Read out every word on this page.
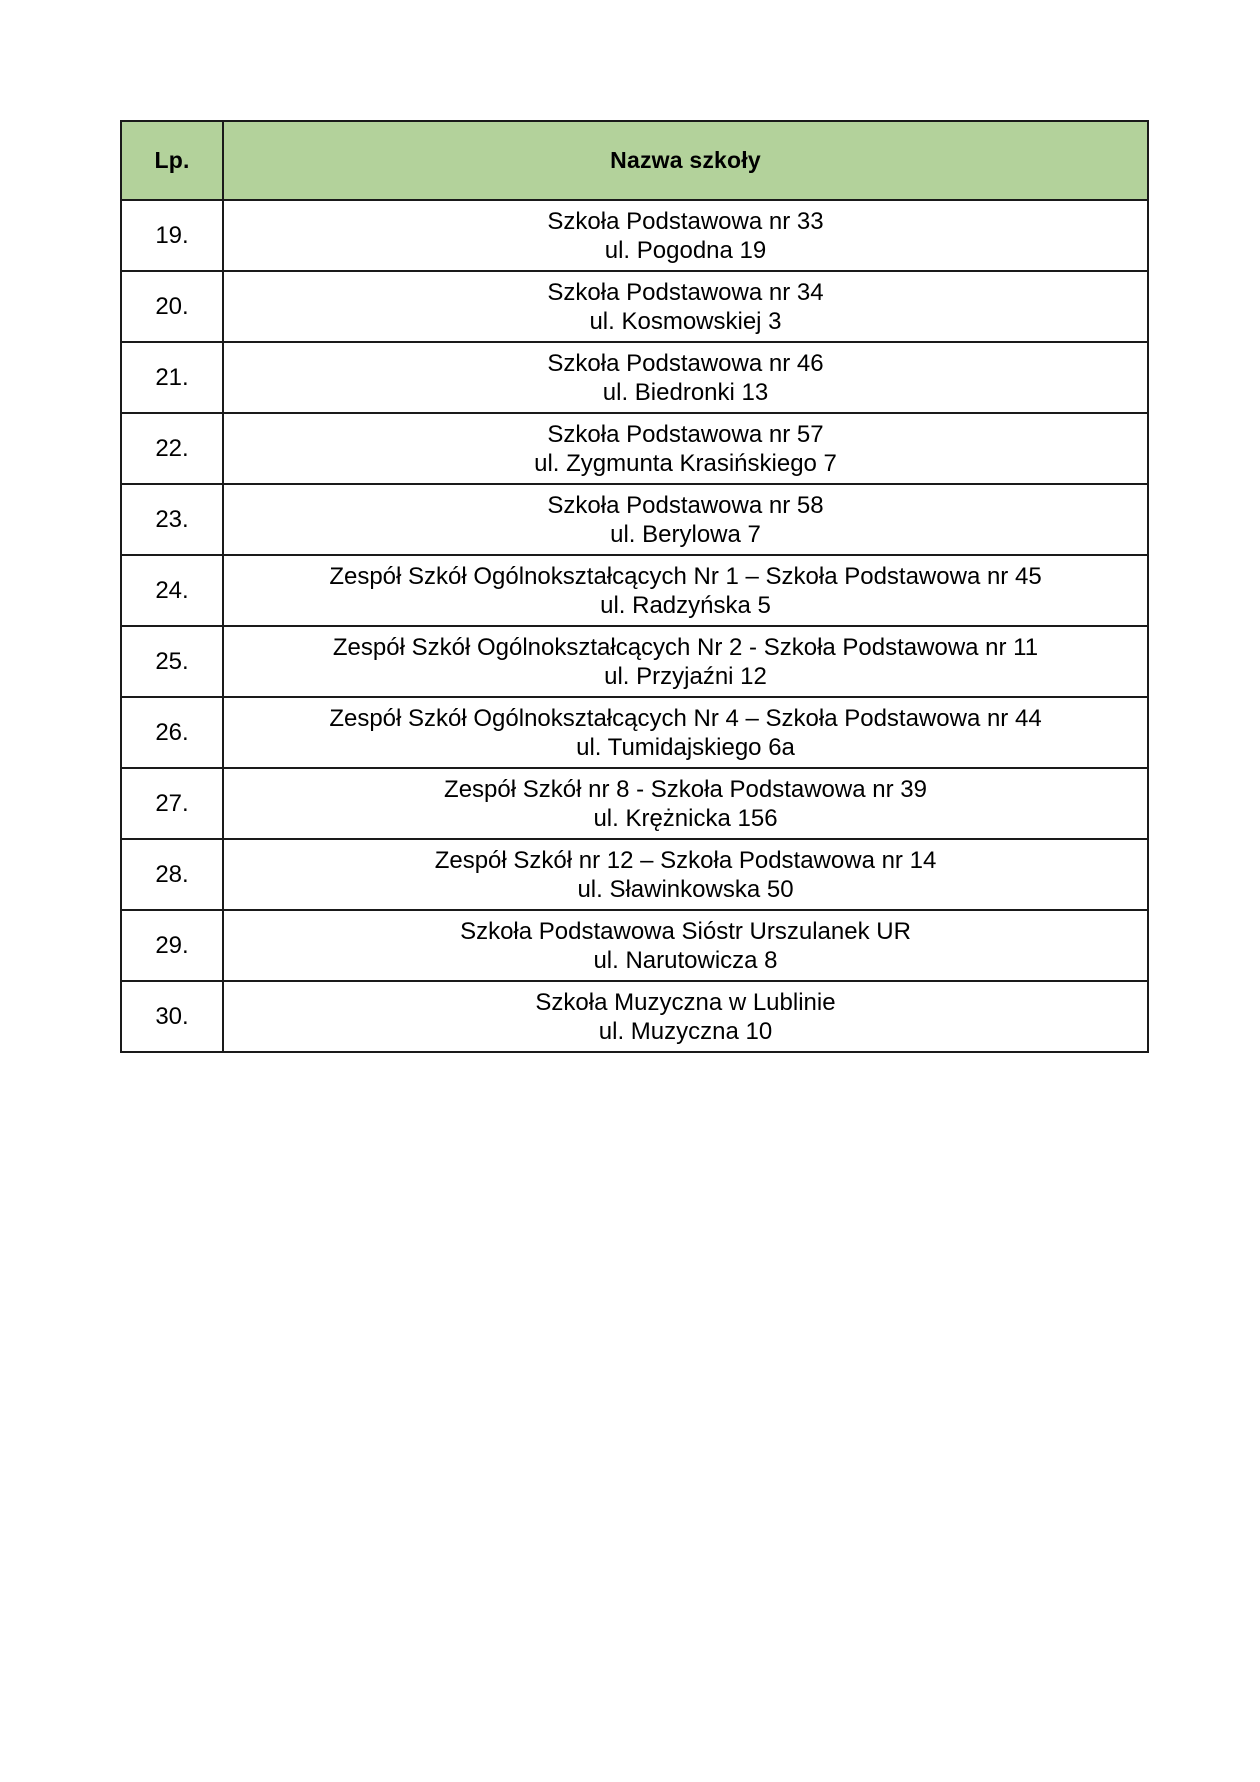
Lp.	Nazwa szkoły
19.	Szkoła Podstawowa nr 33
ul. Pogodna 19

20.	Szkoła Podstawowa nr 34
ul. Kosmowskiej 3

21.	Szkoła Podstawowa nr 46
ul. Biedronki 13

22.	Szkoła Podstawowa nr 57
ul. Zygmunta Krasińskiego 7

23.	Szkoła Podstawowa nr 58
ul. Berylowa 7

24.	Zespół Szkół Ogólnokształcących Nr 1 – Szkoła Podstawowa nr 45
ul. Radzyńska 5

25.	Zespół Szkół Ogólnokształcących Nr 2 - Szkoła Podstawowa nr 11
ul. Przyjaźni 12

26.	Zespół Szkół Ogólnokształcących Nr 4 – Szkoła Podstawowa nr 44
ul. Tumidajskiego 6a

27.	Zespół Szkół nr 8 - Szkoła Podstawowa nr 39
ul. Krężnicka 156

28.	Zespół Szkół nr 12 – Szkoła Podstawowa nr 14
ul. Sławinkowska 50

29.	Szkoła Podstawowa Sióstr Urszulanek UR
ul. Narutowicza 8

30.	Szkoła Muzyczna w Lublinie
ul. Muzyczna 10
